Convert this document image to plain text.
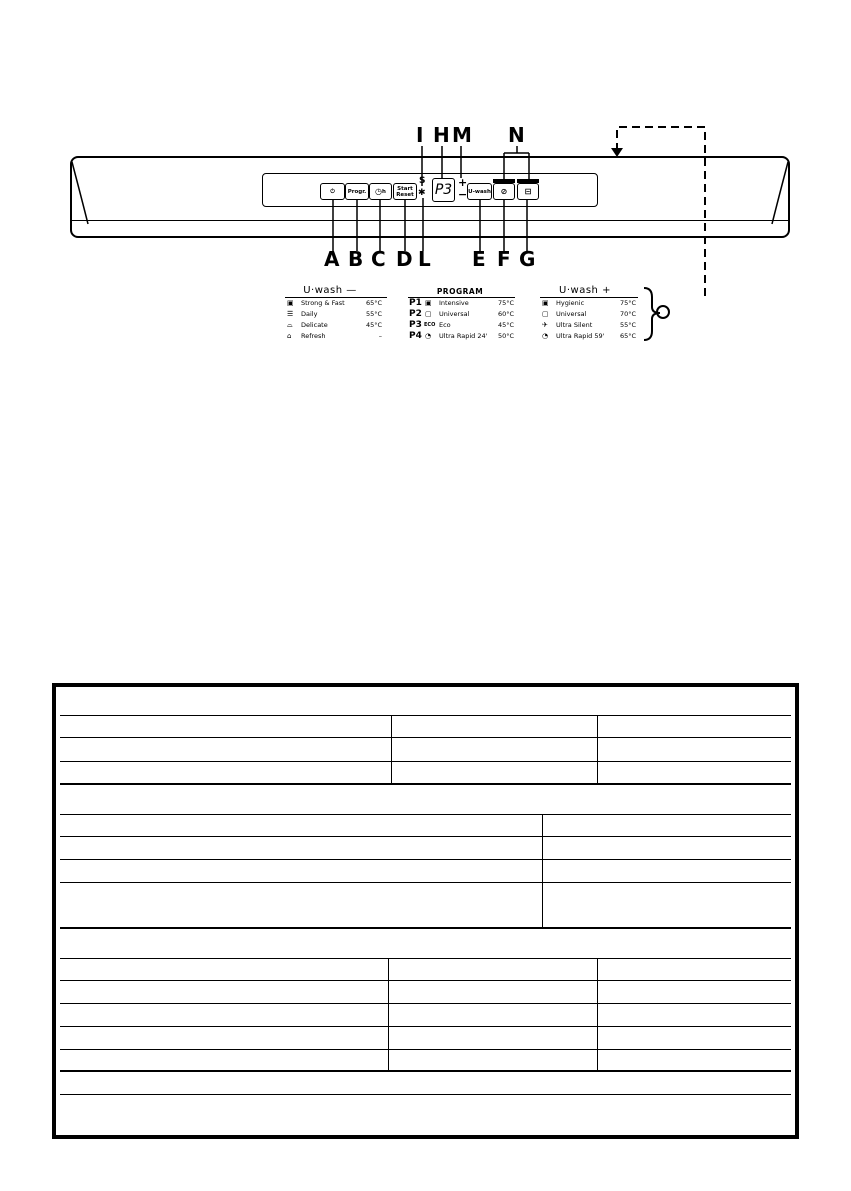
I H M N
⏻	Progr.	◷ h	Start
Reset
S
✱ P3 +
− U-wash ⊘ ⊟
A B C D L E F G
U·wash —
▣ Strong & Fast	65°C
☰ Daily	55°C
⌓ Delicate	45°C
⌂ Refresh	–
PROGRAM
P1 ▣ Intensive	75°C
P2 ▢ Universal	60°C
P3 ECO Eco	45°C
P4 ◔ Ultra Rapid 24'	50°C
U·wash +
▣ Hygienic	75°C
▢ Universal	70°C
✈ Ultra Silent	55°C
◔ Ultra Rapid 59'	65°C
